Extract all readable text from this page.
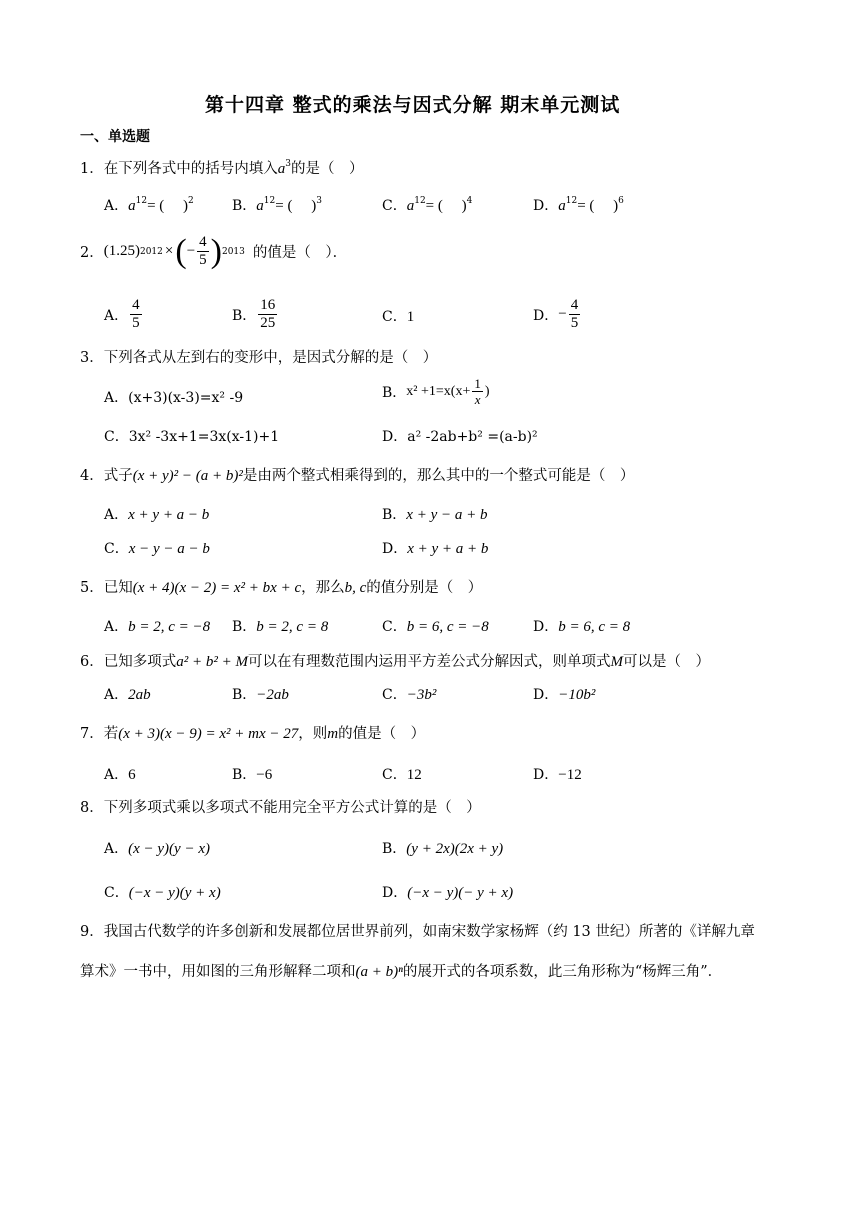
第十四章 整式的乘法与因式分解 期末单元测试
一、单选题
1．在下列各式中的括号内填入$a^3$的是（　）
A．$a^{12}=$ (　 )$^2$	B．$a^{12}=$ (　 )$^3$	C．$a^{12}=$ (　 )$^4$	D．$a^{12}=$ (　 )$^6$
2． (1.25) 2012 × ( − $\frac{4}{5}$ ) 2013 的值是（　）．
A． $\frac{4}{5}$	B． $\frac{16}{25}$	C．1	D． − $\frac{4}{5}$
3．下列各式从左到右的变形中，是因式分解的是（　）
A．(x+3)(x-3)=x² -9	B． $x^2 +1=x(x+ \frac{1}{x}$ )
C．3x² -3x+1=3x(x-1)+1	D．a² -2ab+b² =(a-b)²
4．式子(x + y)² − (a + b)²是由两个整式相乘得到的，那么其中的一个整式可能是（　）
A．x + y + a − b	B．x + y − a + b
C．x − y − a − b	D．x + y + a + b
5．已知(x + 4)(x − 2) = x² + bx + c，那么b, c的值分别是（　）
A．b = 2, c = −8 B．b = 2, c = 8	C．b = 6, c = −8	D．b = 6, c = 8
6．已知多项式a² + b² + M可以在有理数范围内运用平方差公式分解因式，则单项式M可以是（　）
A．2ab	B．−2ab	C．−3b²	D．−10b²
7．若(x + 3)(x − 9) = x² + mx − 27，则m的值是（　）
A．6	B．−6	C．12	D．−12
8．下列多项式乘以多项式不能用完全平方公式计算的是（　）
A．(x − y)(y − x)	B．(y + 2x)(2x + y)
C．(−x − y)(y + x)	D．(−x − y)(− y + x)
9．我国古代数学的许多创新和发展都位居世界前列，如南宋数学家杨辉（约 13 世纪）所著的《详解九章
算术》一书中，用如图的三角形解释二项和(a + b)ⁿ的展开式的各项系数，此三角形称为“杨辉三角”．
